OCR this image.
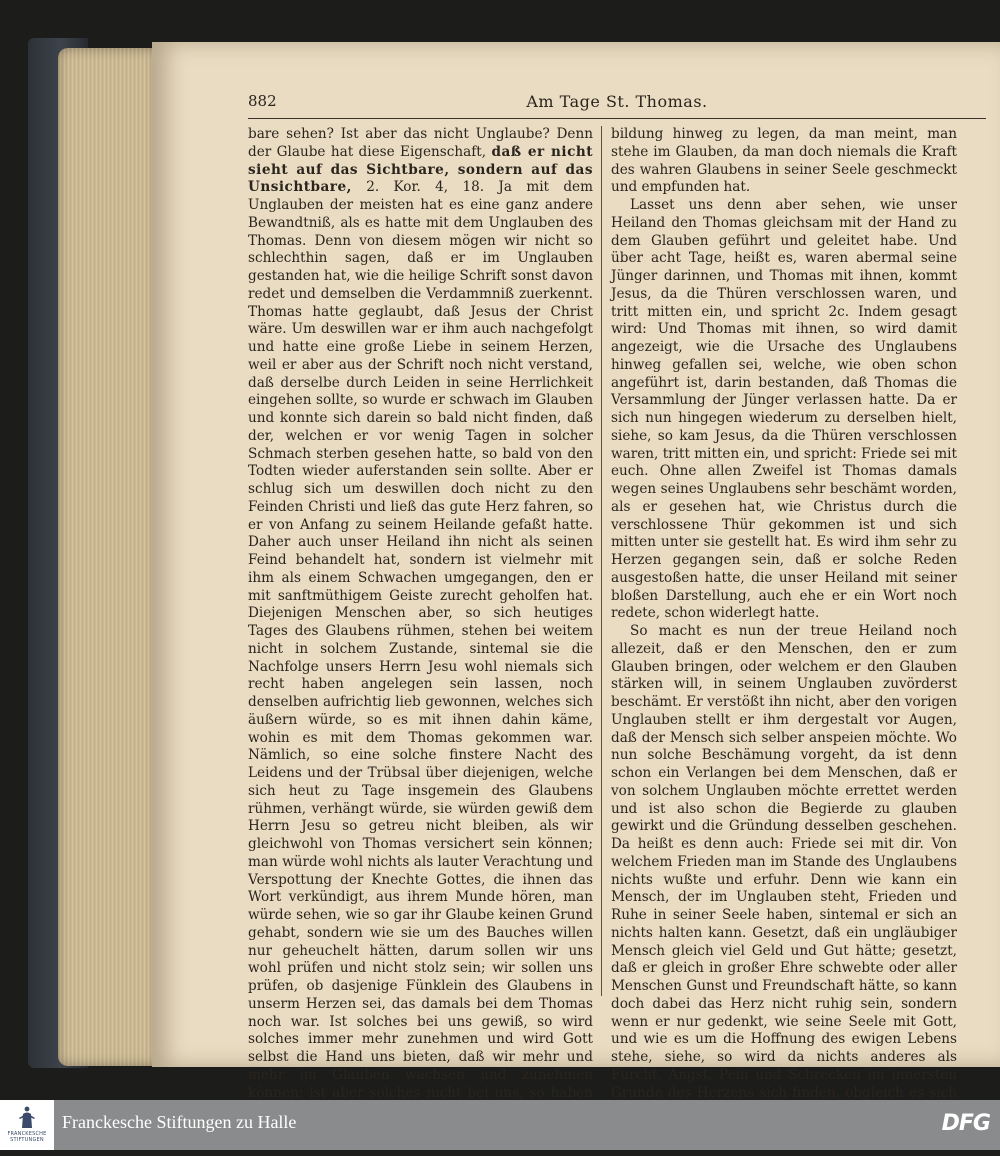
882	Am Tage St. Thomas.

bare sehen? Ist aber das nicht Unglaube? Denn der Glaube hat diese Eigenschaft, daß er nicht sieht auf das Sichtbare, sondern auf das Unsichtbare, 2. Kor. 4, 18. Ja mit dem Unglauben der meisten hat es eine ganz andere Bewandtniß, als es hatte mit dem Unglauben des Thomas. Denn von diesem mögen wir nicht so schlechthin sagen, daß er im Unglauben gestanden hat, wie die heilige Schrift sonst davon redet und demselben die Verdammniß zuerkennt. Thomas hatte geglaubt, daß Jesus der Christ wäre. Um deswillen war er ihm auch nachgefolgt und hatte eine große Liebe in seinem Herzen, weil er aber aus der Schrift noch nicht verstand, daß derselbe durch Leiden in seine Herrlichkeit eingehen sollte, so wurde er schwach im Glauben und konnte sich darein so bald nicht finden, daß der, welchen er vor wenig Tagen in solcher Schmach sterben gesehen hatte, so bald von den Todten wieder auferstanden sein sollte. Aber er schlug sich um deswillen doch nicht zu den Feinden Christi und ließ das gute Herz fahren, so er von Anfang zu seinem Heilande gefaßt hatte. Daher auch unser Heiland ihn nicht als seinen Feind behandelt hat, sondern ist vielmehr mit ihm als einem Schwachen umgegangen, den er mit sanftmüthigem Geiste zurecht geholfen hat. Diejenigen Menschen aber, so sich heutiges Tages des Glaubens rühmen, stehen bei weitem nicht in solchem Zustande, sintemal sie die Nachfolge unsers Herrn Jesu wohl niemals sich recht haben angelegen sein lassen, noch denselben aufrichtig lieb gewonnen, welches sich äußern würde, so es mit ihnen dahin käme, wohin es mit dem Thomas gekommen war. Nämlich, so eine solche finstere Nacht des Leidens und der Trübsal über diejenigen, welche sich heut zu Tage insgemein des Glaubens rühmen, verhängt würde, sie würden gewiß dem Herrn Jesu so getreu nicht bleiben, als wir gleichwohl von Thomas versichert sein können; man würde wohl nichts als lauter Verachtung und Verspottung der Knechte Gottes, die ihnen das Wort verkündigt, aus ihrem Munde hören, man würde sehen, wie so gar ihr Glaube keinen Grund gehabt, sondern wie sie um des Bauches willen nur geheuchelt hätten, darum sollen wir uns wohl prüfen und nicht stolz sein; wir sollen uns prüfen, ob dasjenige Fünklein des Glaubens in unserm Herzen sei, das damals bei dem Thomas noch war. Ist solches bei uns gewiß, so wird solches immer mehr zunehmen und wird Gott selbst die Hand uns bieten, daß wir mehr und mehr im Glauben wachsen und zunehmen können; ist aber solches nicht bei uns, so haben

bildung hinweg zu legen, da man meint, man stehe im Glauben, da man doch niemals die Kraft des wahren Glaubens in seiner Seele geschmeckt und empfunden hat.

Lasset uns denn aber sehen, wie unser Heiland den Thomas gleichsam mit der Hand zu dem Glauben geführt und geleitet habe. Und über acht Tage, heißt es, waren abermal seine Jünger darinnen, und Thomas mit ihnen, kommt Jesus, da die Thüren verschlossen waren, und tritt mitten ein, und spricht 2c. Indem gesagt wird: Und Thomas mit ihnen, so wird damit angezeigt, wie die Ursache des Unglaubens hinweg gefallen sei, welche, wie oben schon angeführt ist, darin bestanden, daß Thomas die Versammlung der Jünger verlassen hatte. Da er sich nun hingegen wiederum zu derselben hielt, siehe, so kam Jesus, da die Thüren verschlossen waren, tritt mitten ein, und spricht: Friede sei mit euch. Ohne allen Zweifel ist Thomas damals wegen seines Unglaubens sehr beschämt worden, als er gesehen hat, wie Christus durch die verschlossene Thür gekommen ist und sich mitten unter sie gestellt hat. Es wird ihm sehr zu Herzen gegangen sein, daß er solche Reden ausgestoßen hatte, die unser Heiland mit seiner bloßen Darstellung, auch ehe er ein Wort noch redete, schon widerlegt hatte.

So macht es nun der treue Heiland noch allezeit, daß er den Menschen, den er zum Glauben bringen, oder welchem er den Glauben stärken will, in seinem Unglauben zuvörderst beschämt. Er verstößt ihn nicht, aber den vorigen Unglauben stellt er ihm dergestalt vor Augen, daß der Mensch sich selber anspeien möchte. Wo nun solche Beschämung vorgeht, da ist denn schon ein Verlangen bei dem Menschen, daß er von solchem Unglauben möchte errettet werden und ist also schon die Begierde zu glauben gewirkt und die Gründung desselben geschehen. Da heißt es denn auch: Friede sei mit dir. Von welchem Frieden man im Stande des Unglaubens nichts wußte und erfuhr. Denn wie kann ein Mensch, der im Unglauben steht, Frieden und Ruhe in seiner Seele haben, sintemal er sich an nichts halten kann. Gesetzt, daß ein ungläubiger Mensch gleich viel Geld und Gut hätte; gesetzt, daß er gleich in großer Ehre schwebte oder aller Menschen Gunst und Freundschaft hätte, so kann doch dabei das Herz nicht ruhig sein, sondern wenn er nur gedenkt, wie seine Seele mit Gott, und wie es um die Hoffnung des ewigen Lebens stehe, siehe, so wird da nichts anderes als Furcht, Angst, Pein und Schrecken im innersten Grunde des Herzens sich finden, obgleich es sich

FRANCKESCHE
STIFTUNGEN
Franckesche Stiftungen zu Halle	DFG
